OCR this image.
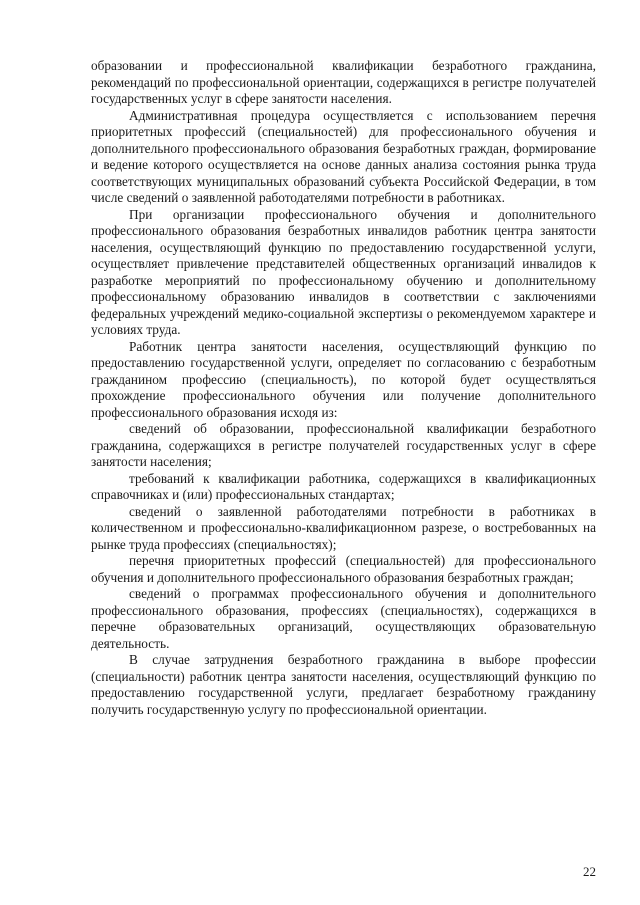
образовании и профессиональной квалификации безработного гражданина, рекомендаций по профессиональной ориентации, содержащихся в регистре получателей государственных услуг в сфере занятости населения.

Административная процедура осуществляется с использованием перечня приоритетных профессий (специальностей) для профессионального обучения и дополнительного профессионального образования безработных граждан, формирование и ведение которого осуществляется на основе данных анализа состояния рынка труда соответствующих муниципальных образований субъекта Российской Федерации, в том числе сведений о заявленной работодателями потребности в работниках.

При организации профессионального обучения и дополнительного профессионального образования безработных инвалидов работник центра занятости населения, осуществляющий функцию по предоставлению государственной услуги, осуществляет привлечение представителей общественных организаций инвалидов к разработке мероприятий по профессиональному обучению и дополнительному профессиональному образованию инвалидов в соответствии с заключениями федеральных учреждений медико-социальной экспертизы о рекомендуемом характере и условиях труда.

Работник центра занятости населения, осуществляющий функцию по предоставлению государственной услуги, определяет по согласованию с безработным гражданином профессию (специальность), по которой будет осуществляться прохождение профессионального обучения или получение дополнительного профессионального образования исходя из:

сведений об образовании, профессиональной квалификации безработного гражданина, содержащихся в регистре получателей государственных услуг в сфере занятости населения;

требований к квалификации работника, содержащихся в квалификационных справочниках и (или) профессиональных стандартах;

сведений о заявленной работодателями потребности в работниках в количественном и профессионально-квалификационном разрезе, о востребованных на рынке труда профессиях (специальностях);

перечня приоритетных профессий (специальностей) для профессионального обучения и дополнительного профессионального образования безработных граждан;

сведений о программах профессионального обучения и дополнительного профессионального образования, профессиях (специальностях), содержащихся в перечне образовательных организаций, осуществляющих образовательную деятельность.

В случае затруднения безработного гражданина в выборе профессии (специальности) работник центра занятости населения, осуществляющий функцию по предоставлению государственной услуги, предлагает безработному гражданину получить государственную услугу по профессиональной ориентации.

22
